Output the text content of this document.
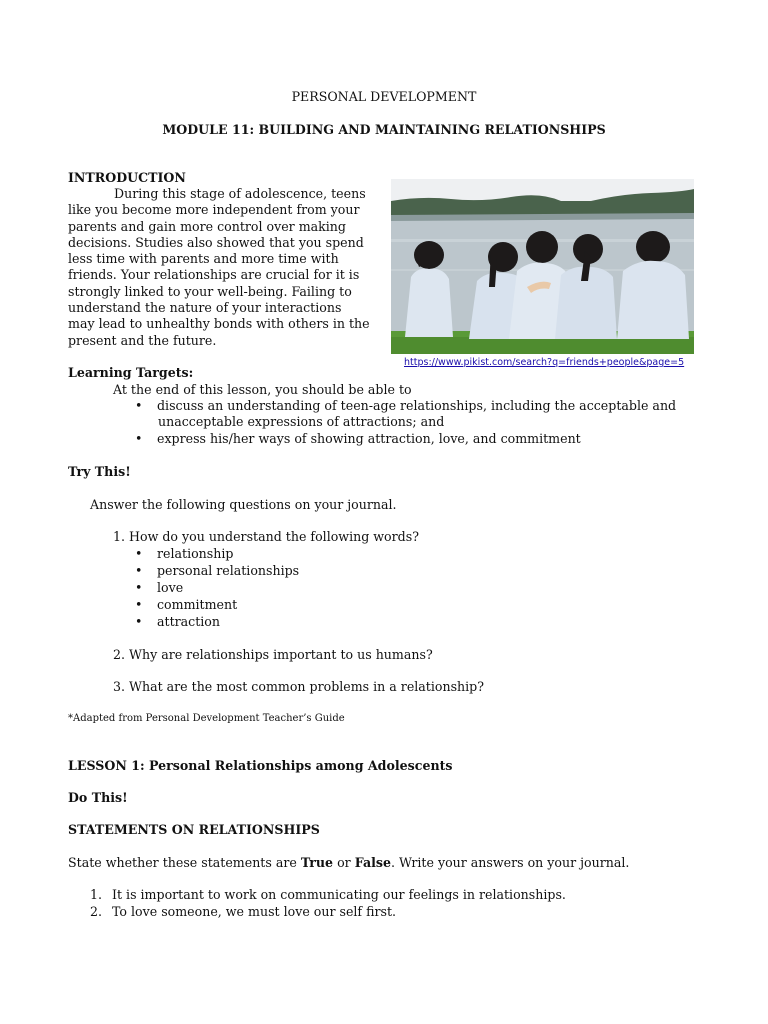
PERSONAL DEVELOPMENT
MODULE 11: BUILDING AND MAINTAINING RELATIONSHIPS
INTRODUCTION
During this stage of adolescence, teens
like you become more independent from your
parents and gain more control over making
decisions. Studies also showed that you spend
less time with parents and more time with
friends. Your relationships are crucial for it is
strongly linked to your well-being. Failing to
understand the nature of your interactions
may lead to unhealthy bonds with others in the
present and the future.
https://www.pikist.com/search?q=friends+people&page=5
Learning Targets:
At the end of this lesson, you should be able to
• discuss an understanding of teen-age relationships, including the acceptable and
unacceptable expressions of attractions; and
• express his/her ways of showing attraction, love, and commitment
Try This!
Answer the following questions on your journal.
1. How do you understand the following words?
• relationship
• personal relationships
• love
• commitment
• attraction
2. Why are relationships important to us humans?
3. What are the most common problems in a relationship?
*Adapted from Personal Development Teacher’s Guide
LESSON 1: Personal Relationships among Adolescents
Do This!
STATEMENTS ON RELATIONSHIPS
State whether these statements are True or False. Write your answers on your journal.
1. It is important to work on communicating our feelings in relationships.
2. To love someone, we must love our self first.
